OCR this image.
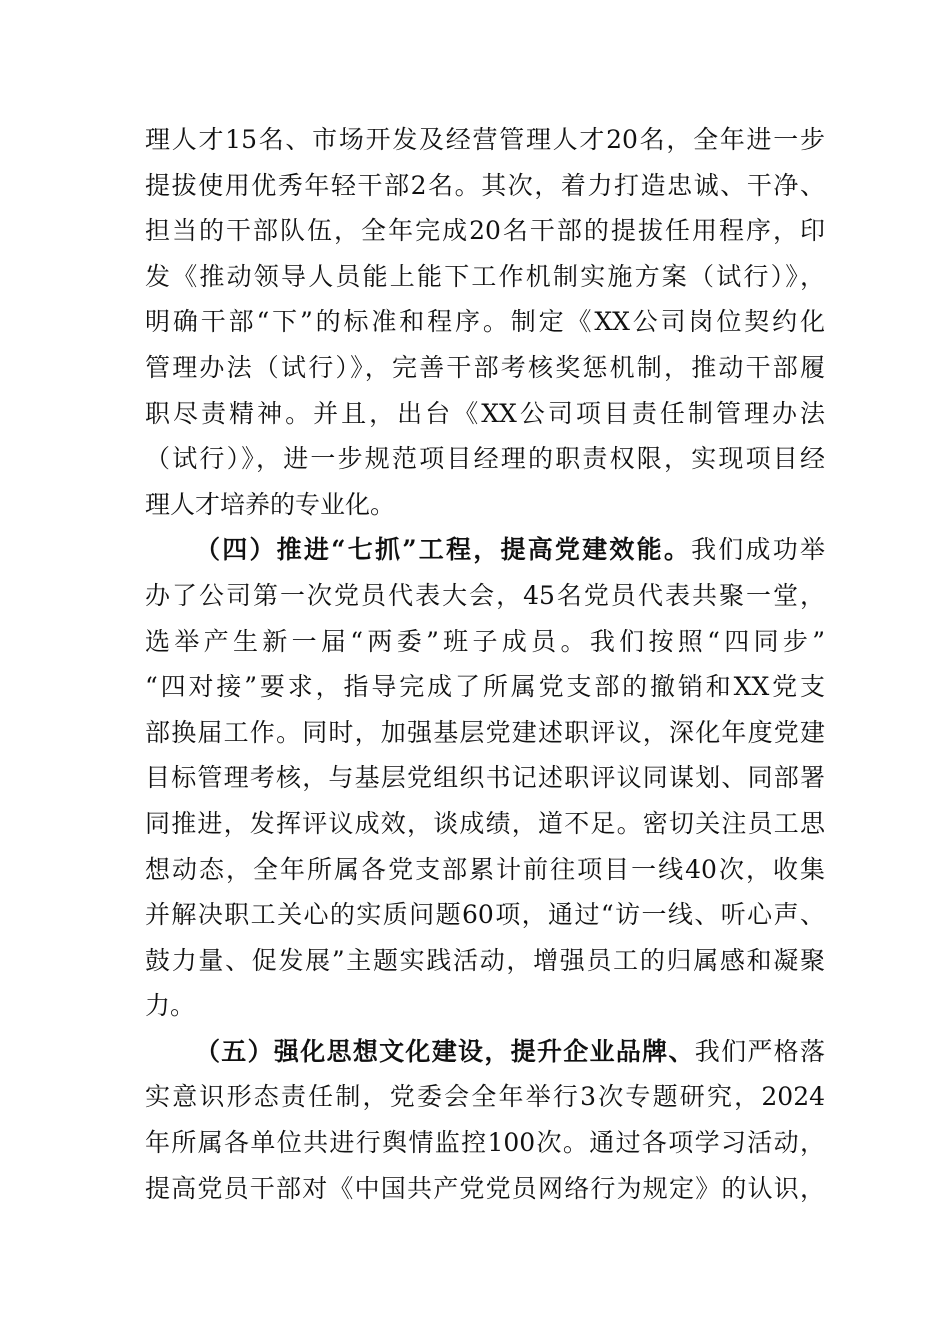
理人才15名、市场开发及经营管理人才20名，全年进一步
提拔使用优秀年轻干部2名。其次，着力打造忠诚、干净、
担当的干部队伍，全年完成20名干部的提拔任用程序，印
发《推动领导人员能上能下工作机制实施方案（试行）》，
明确干部“下”的标准和程序。制定《XX公司岗位契约化
管理办法（试行）》，完善干部考核奖惩机制，推动干部履
职尽责精神。并且，出台《XX公司项目责任制管理办法
（试行）》，进一步规范项目经理的职责权限，实现项目经
理人才培养的专业化。
（四）推进“七抓”工程，提高党建效能。我们成功举
办了公司第一次党员代表大会，45名党员代表共聚一堂，
选举产生新一届“两委”班子成员。我们按照“四同步”
“四对接”要求，指导完成了所属党支部的撤销和XX党支
部换届工作。同时，加强基层党建述职评议，深化年度党建
目标管理考核，与基层党组织书记述职评议同谋划、同部署
同推进，发挥评议成效，谈成绩，道不足。密切关注员工思
想动态，全年所属各党支部累计前往项目一线40次，收集
并解决职工关心的实质问题60项，通过“访一线、听心声、
鼓力量、促发展”主题实践活动，增强员工的归属感和凝聚
力。
（五）强化思想文化建设，提升企业品牌、我们严格落
实意识形态责任制，党委会全年举行3次专题研究，2024
年所属各单位共进行舆情监控100次。通过各项学习活动，
提高党员干部对《中国共产党党员网络行为规定》的认识，
